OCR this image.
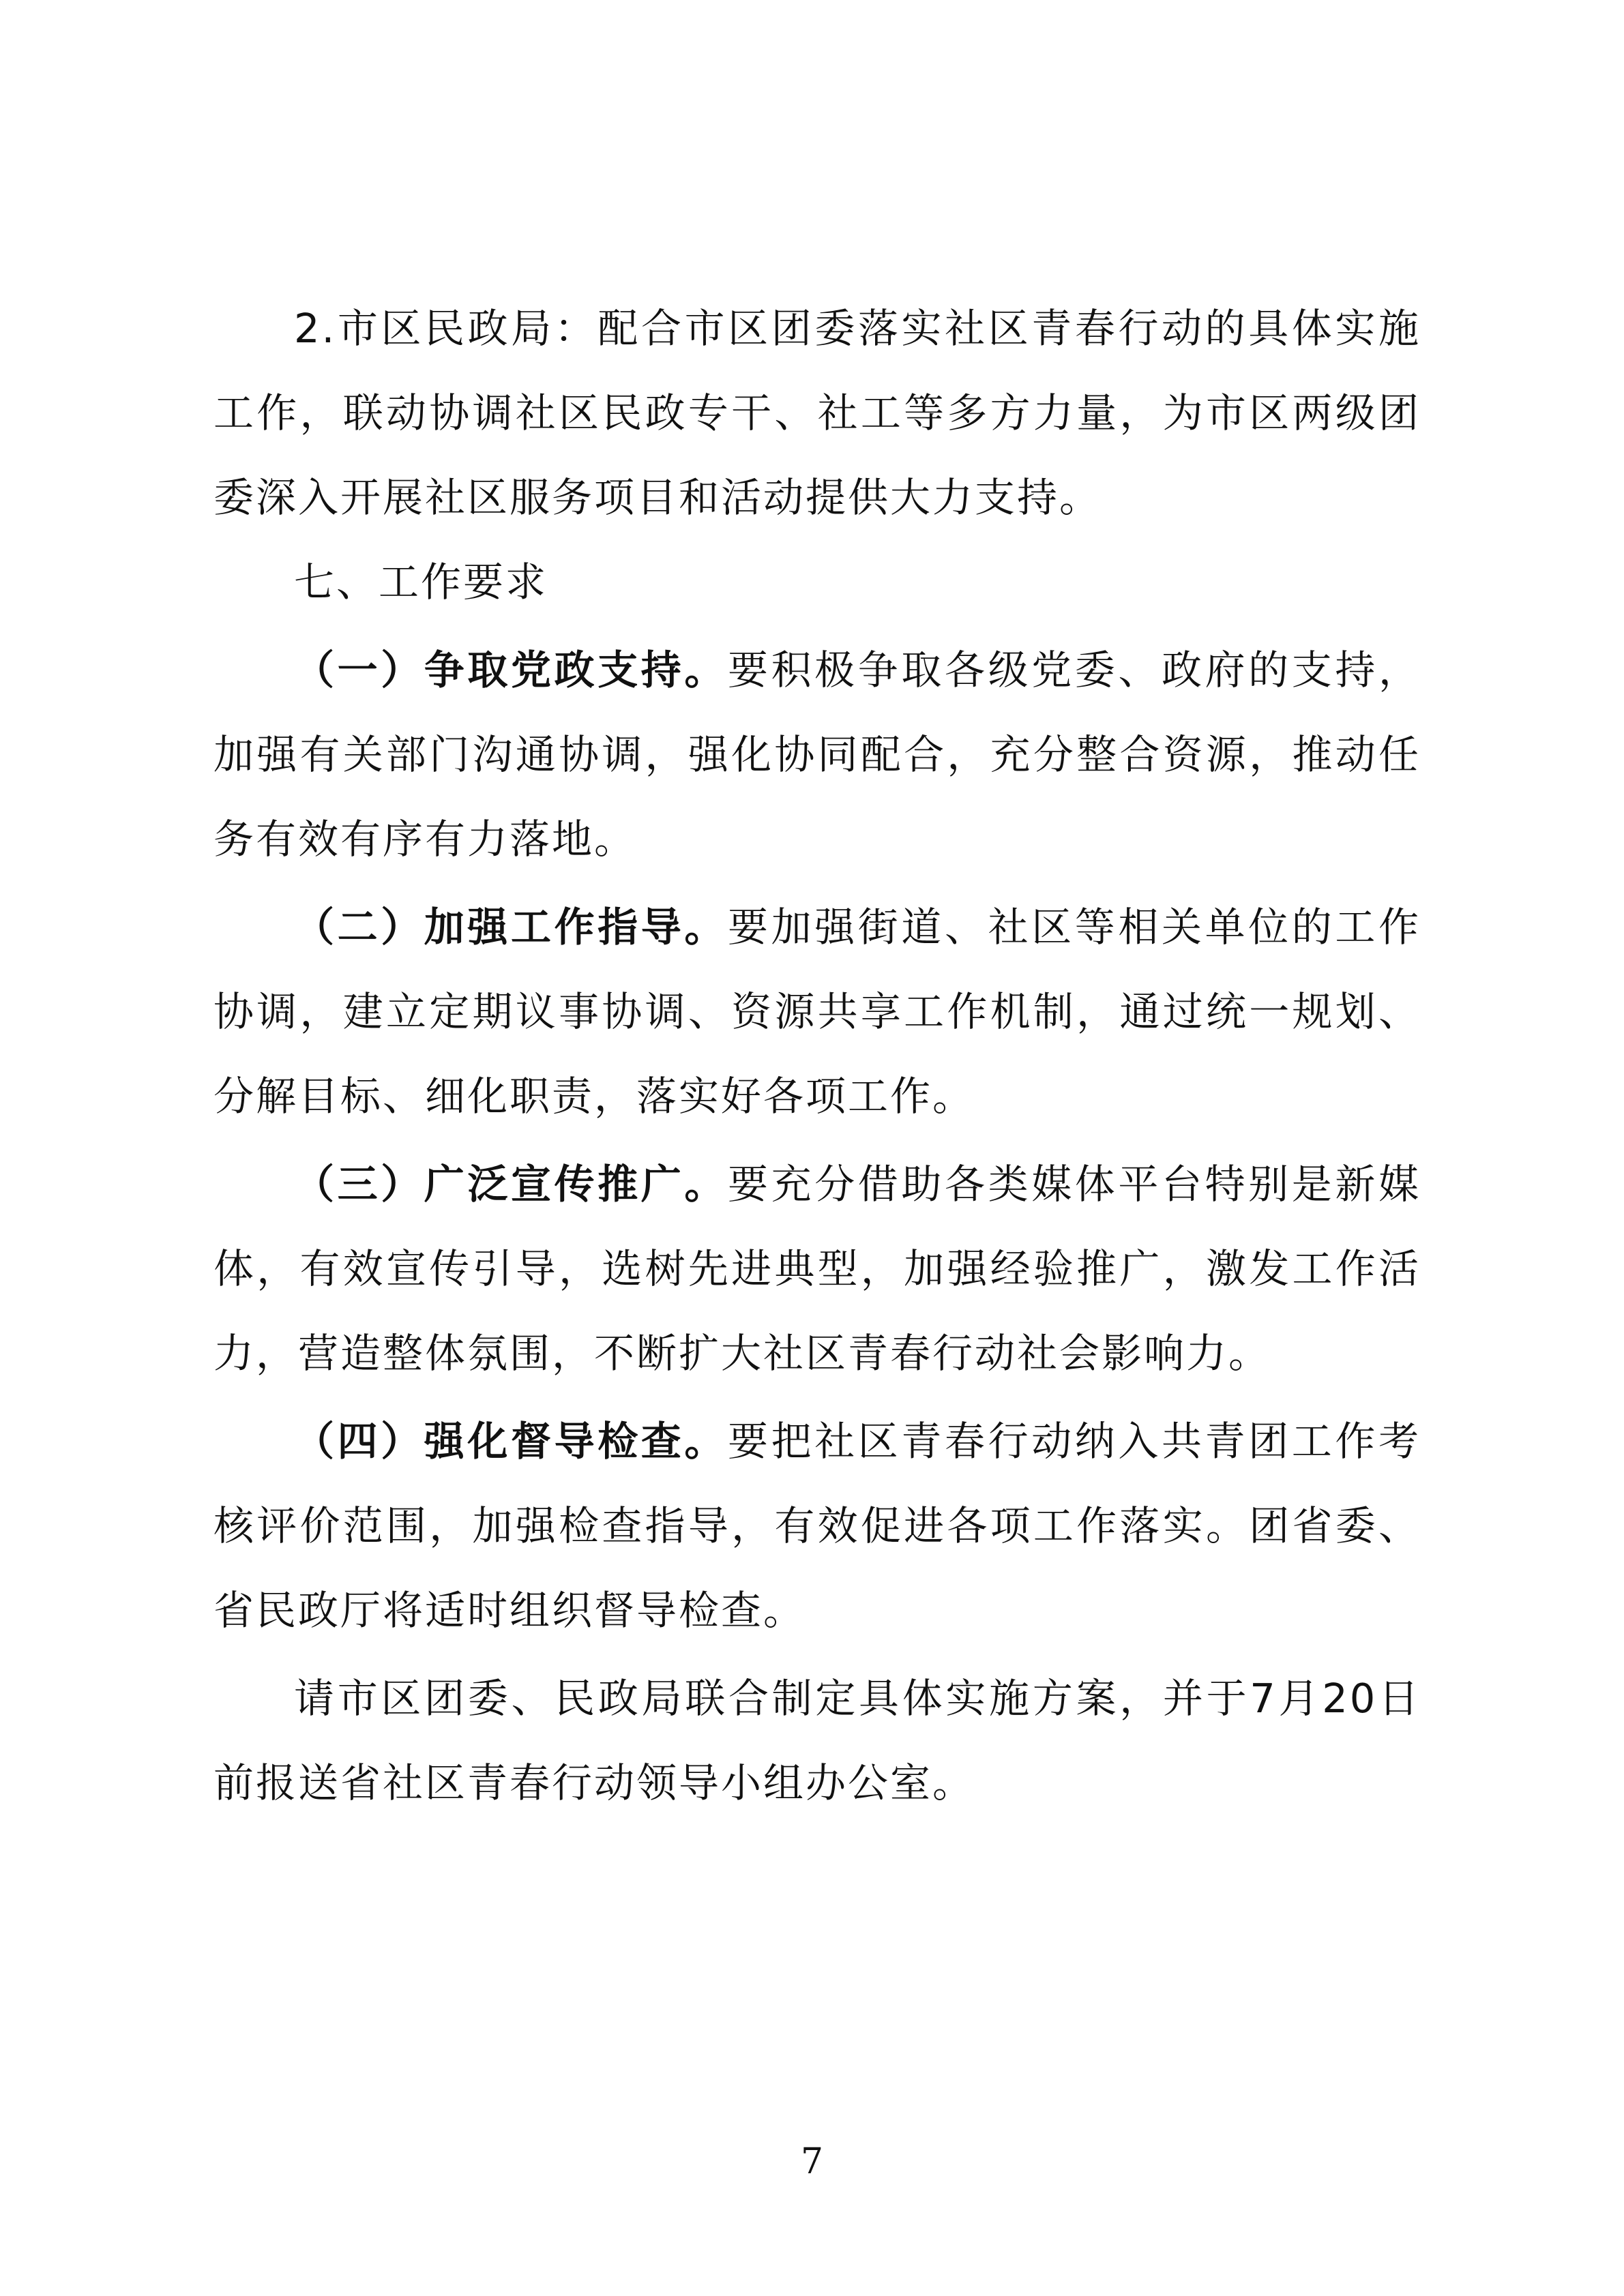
2.市区民政局：配合市区团委落实社区青春行动的具体实施工作，联动协调社区民政专干、社工等多方力量，为市区两级团委深入开展社区服务项目和活动提供大力支持。

七、工作要求

（一）争取党政支持。要积极争取各级党委、政府的支持，加强有关部门沟通协调，强化协同配合，充分整合资源，推动任务有效有序有力落地。

（二）加强工作指导。要加强街道、社区等相关单位的工作协调，建立定期议事协调、资源共享工作机制，通过统一规划、分解目标、细化职责，落实好各项工作。

（三）广泛宣传推广。要充分借助各类媒体平台特别是新媒体，有效宣传引导，选树先进典型，加强经验推广，激发工作活力，营造整体氛围，不断扩大社区青春行动社会影响力。

（四）强化督导检查。要把社区青春行动纳入共青团工作考核评价范围，加强检查指导，有效促进各项工作落实。团省委、省民政厅将适时组织督导检查。

请市区团委、民政局联合制定具体实施方案，并于7月20日前报送省社区青春行动领导小组办公室。

7
